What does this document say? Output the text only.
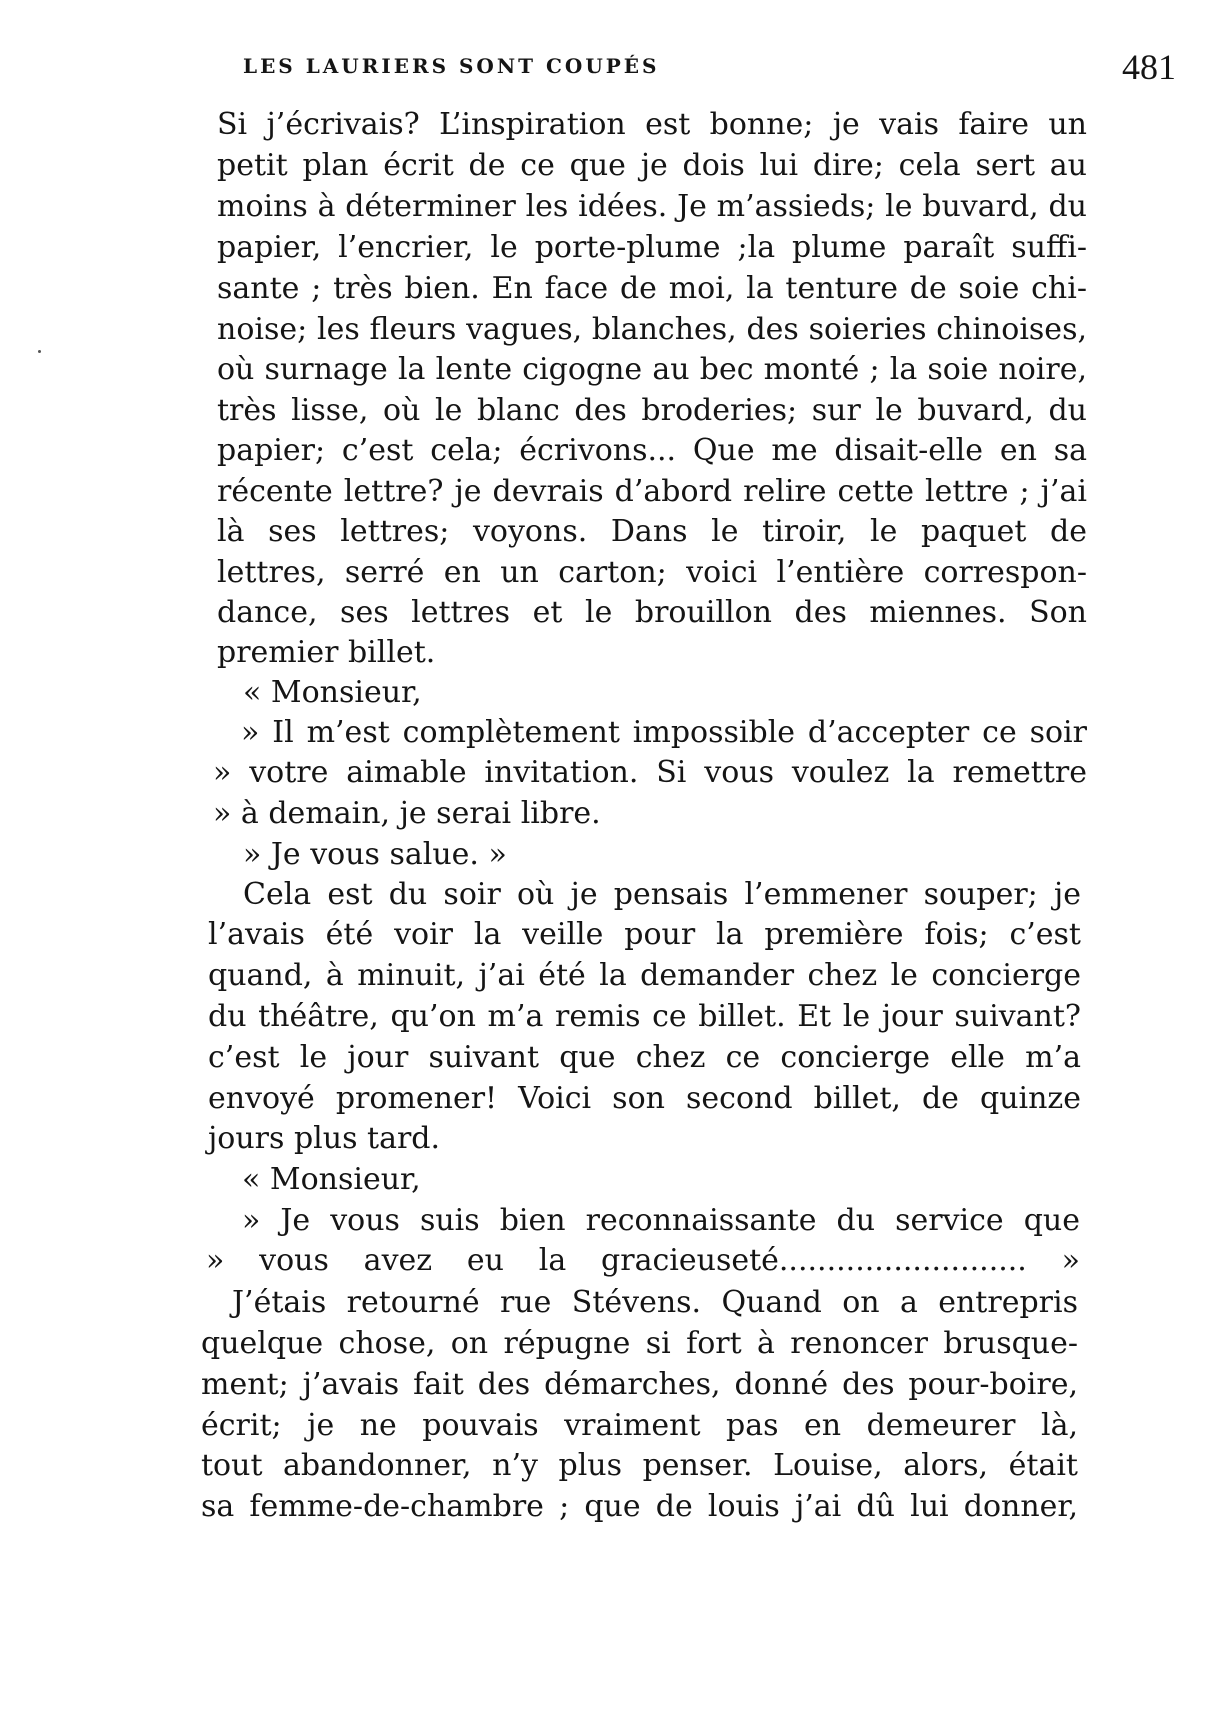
LES LAURIERS SONT COUPÉS	481
Si j’écrivais? L’inspiration est bonne; je vais faire un
petit plan écrit de ce que je dois lui dire; cela sert au
moins à déterminer les idées. Je m’assieds; le buvard, du
papier, l’encrier, le porte-plume ;la plume paraît suffi-
sante ; très bien. En face de moi, la tenture de soie chi-
noise; les fleurs vagues, blanches, des soieries chinoises,
où surnage la lente cigogne au bec monté ; la soie noire,
très lisse, où le blanc des broderies; sur le buvard, du
papier; c’est cela; écrivons... Que me disait-elle en sa
récente lettre? je devrais d’abord relire cette lettre ; j’ai
là ses lettres; voyons. Dans le tiroir, le paquet de
lettres, serré en un carton; voici l’entière correspon-
dance, ses lettres et le brouillon des miennes. Son
premier billet.
« Monsieur,
» Il m’est complètement impossible d’accepter ce soir
» votre aimable invitation. Si vous voulez la remettre
» à demain, je serai libre.
» Je vous salue. »
Cela est du soir où je pensais l’emmener souper; je
l’avais été voir la veille pour la première fois; c’est
quand, à minuit, j’ai été la demander chez le concierge
du théâtre, qu’on m’a remis ce billet. Et le jour suivant?
c’est le jour suivant que chez ce concierge elle m’a
envoyé promener! Voici son second billet, de quinze
jours plus tard.
« Monsieur,
» Je vous suis bien reconnaissante du service que
» vous avez eu la gracieuseté.......................... »
J’étais retourné rue Stévens. Quand on a entrepris
quelque chose, on répugne si fort à renoncer brusque-
ment; j’avais fait des démarches, donné des pour-boire,
écrit; je ne pouvais vraiment pas en demeurer là,
tout abandonner, n’y plus penser. Louise, alors, était
sa femme-de-chambre ; que de louis j’ai dû lui donner,
